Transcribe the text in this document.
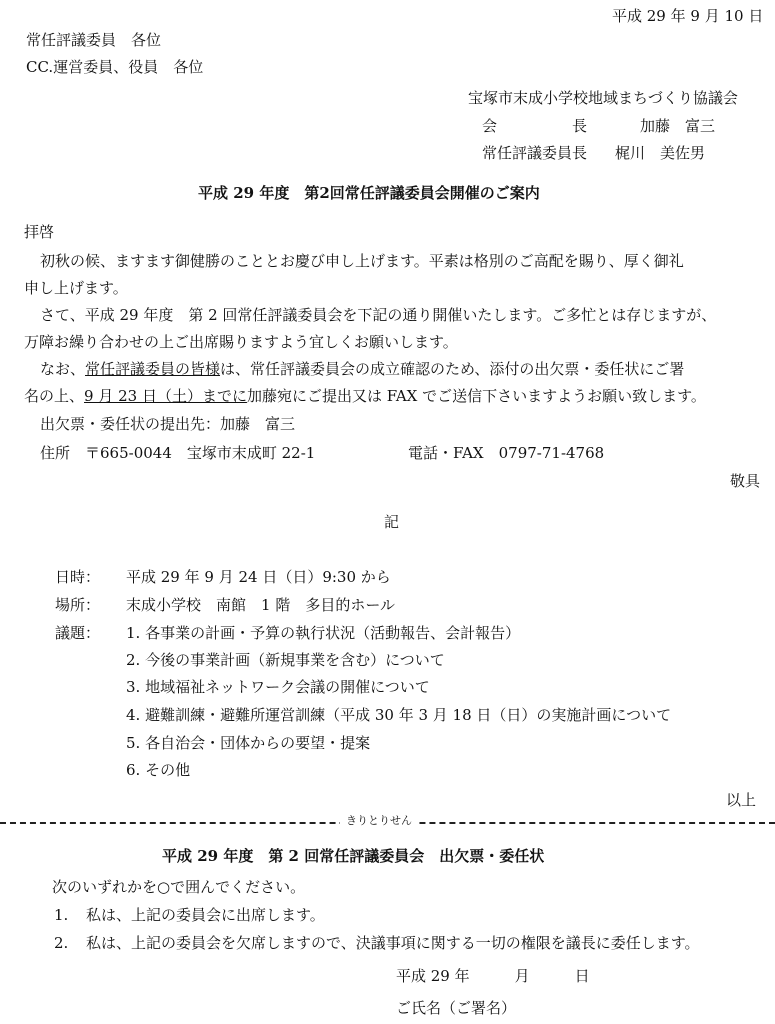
平成 29 年 9 月 10 日
常任評議委員　各位
CC.運営委員、役員　各位
宝塚市末成小学校地域まちづくり協議会
会　　　　　長	加藤　富三
常任評議委員長 梶川　美佐男
平成 29 年度　第2回常任評議委員会開催のご案内
拝啓
初秋の候、ますます御健勝のこととお慶び申し上げます。平素は格別のご高配を賜り、厚く御礼
申し上げます。
さて、平成 29 年度　第 2 回常任評議委員会を下記の通り開催いたします。ご多忙とは存じますが、
万障お繰り合わせの上ご出席賜りますよう宜しくお願いします。
なお、常任評議委員の皆様は、常任評議委員会の成立確認のため、添付の出欠票・委任状にご署
名の上、9 月 23 日（土）までに加藤宛にご提出又は FAX でご送信下さいますようお願い致します。
出欠票・委任状の提出先：加藤　富三
住所　〒665-0044　宝塚市末成町 22-1	電話・FAX　0797-71-4768
敬具
記
日時： 平成 29 年 9 月 24 日（日）9:30 から
場所： 末成小学校　南館　1 階　多目的ホール
議題： 1. 各事業の計画・予算の執行状況（活動報告、会計報告）
2. 今後の事業計画（新規事業を含む）について
3. 地域福祉ネットワーク会議の開催について
4. 避難訓練・避難所運営訓練（平成 30 年 3 月 18 日（日）の実施計画について
5. 各自治会・団体からの要望・提案
6. その他
以上
きりとりせん
平成 29 年度　第 2 回常任評議委員会　出欠票・委任状
次のいずれかを○で囲んでください。
1. 私は、上記の委員会に出席します。
2. 私は、上記の委員会を欠席しますので、決議事項に関する一切の権限を議長に委任します。
平成 29 年　　　月　　　日
ご氏名（ご署名）
